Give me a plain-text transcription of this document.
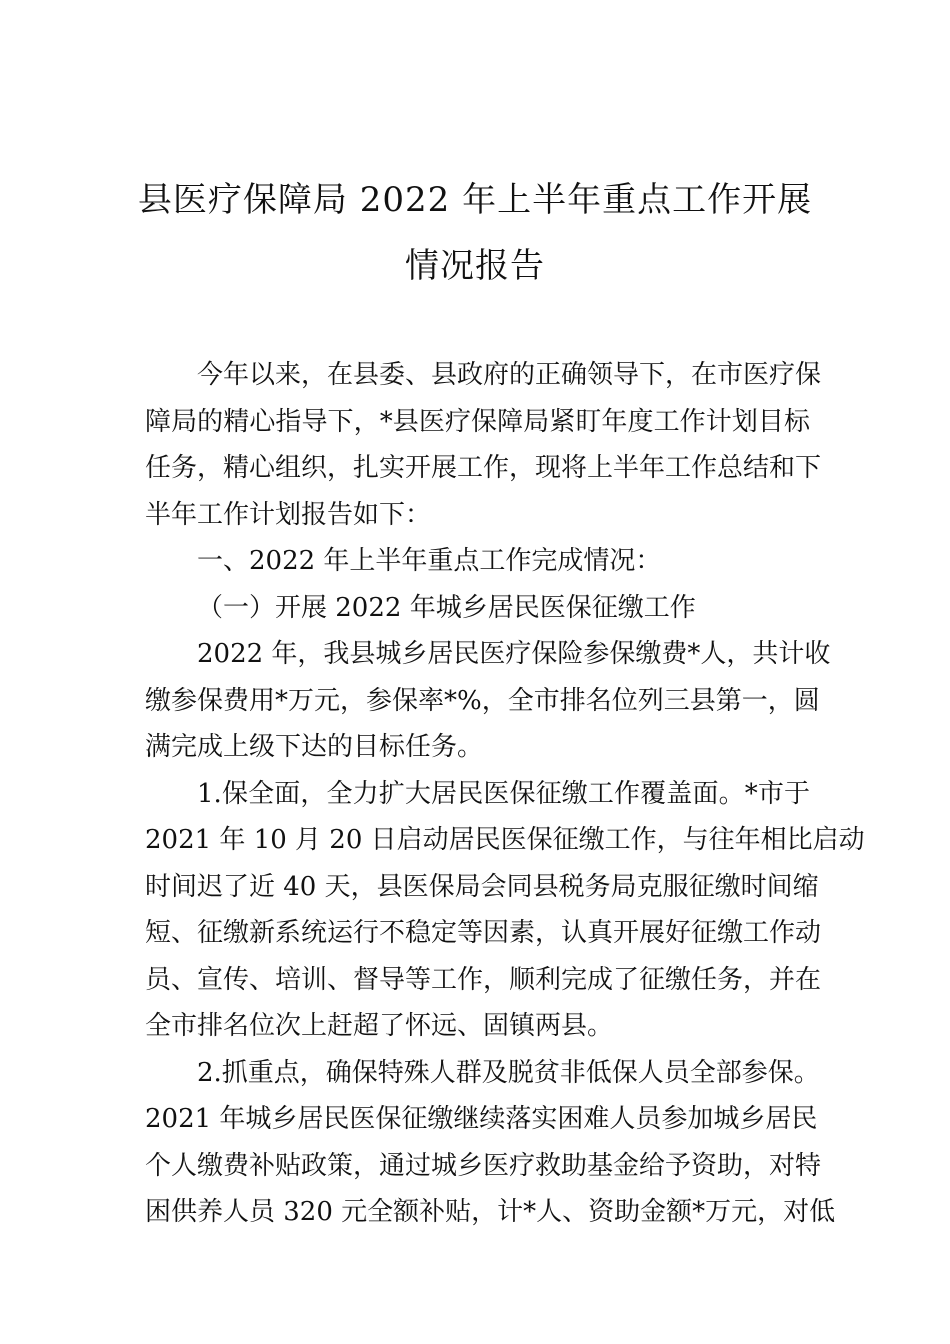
县医疗保障局 2022 年上半年重点工作开展
情况报告
今年以来，在县委、县政府的正确领导下，在市医疗保
障局的精心指导下，*县医疗保障局紧盯年度工作计划目标
任务，精心组织，扎实开展工作，现将上半年工作总结和下
半年工作计划报告如下：
一、2022 年上半年重点工作完成情况：
（一）开展 2022 年城乡居民医保征缴工作
2022 年，我县城乡居民医疗保险参保缴费*人，共计收
缴参保费用*万元，参保率*%，全市排名位列三县第一，圆
满完成上级下达的目标任务。
1.保全面，全力扩大居民医保征缴工作覆盖面。*市于
2021 年 10 月 20 日启动居民医保征缴工作，与往年相比启动
时间迟了近 40 天，县医保局会同县税务局克服征缴时间缩
短、征缴新系统运行不稳定等因素，认真开展好征缴工作动
员、宣传、培训、督导等工作，顺利完成了征缴任务，并在
全市排名位次上赶超了怀远、固镇两县。
2.抓重点，确保特殊人群及脱贫非低保人员全部参保。
2021 年城乡居民医保征缴继续落实困难人员参加城乡居民
个人缴费补贴政策，通过城乡医疗救助基金给予资助，对特
困供养人员 320 元全额补贴，计*人、资助金额*万元，对低
